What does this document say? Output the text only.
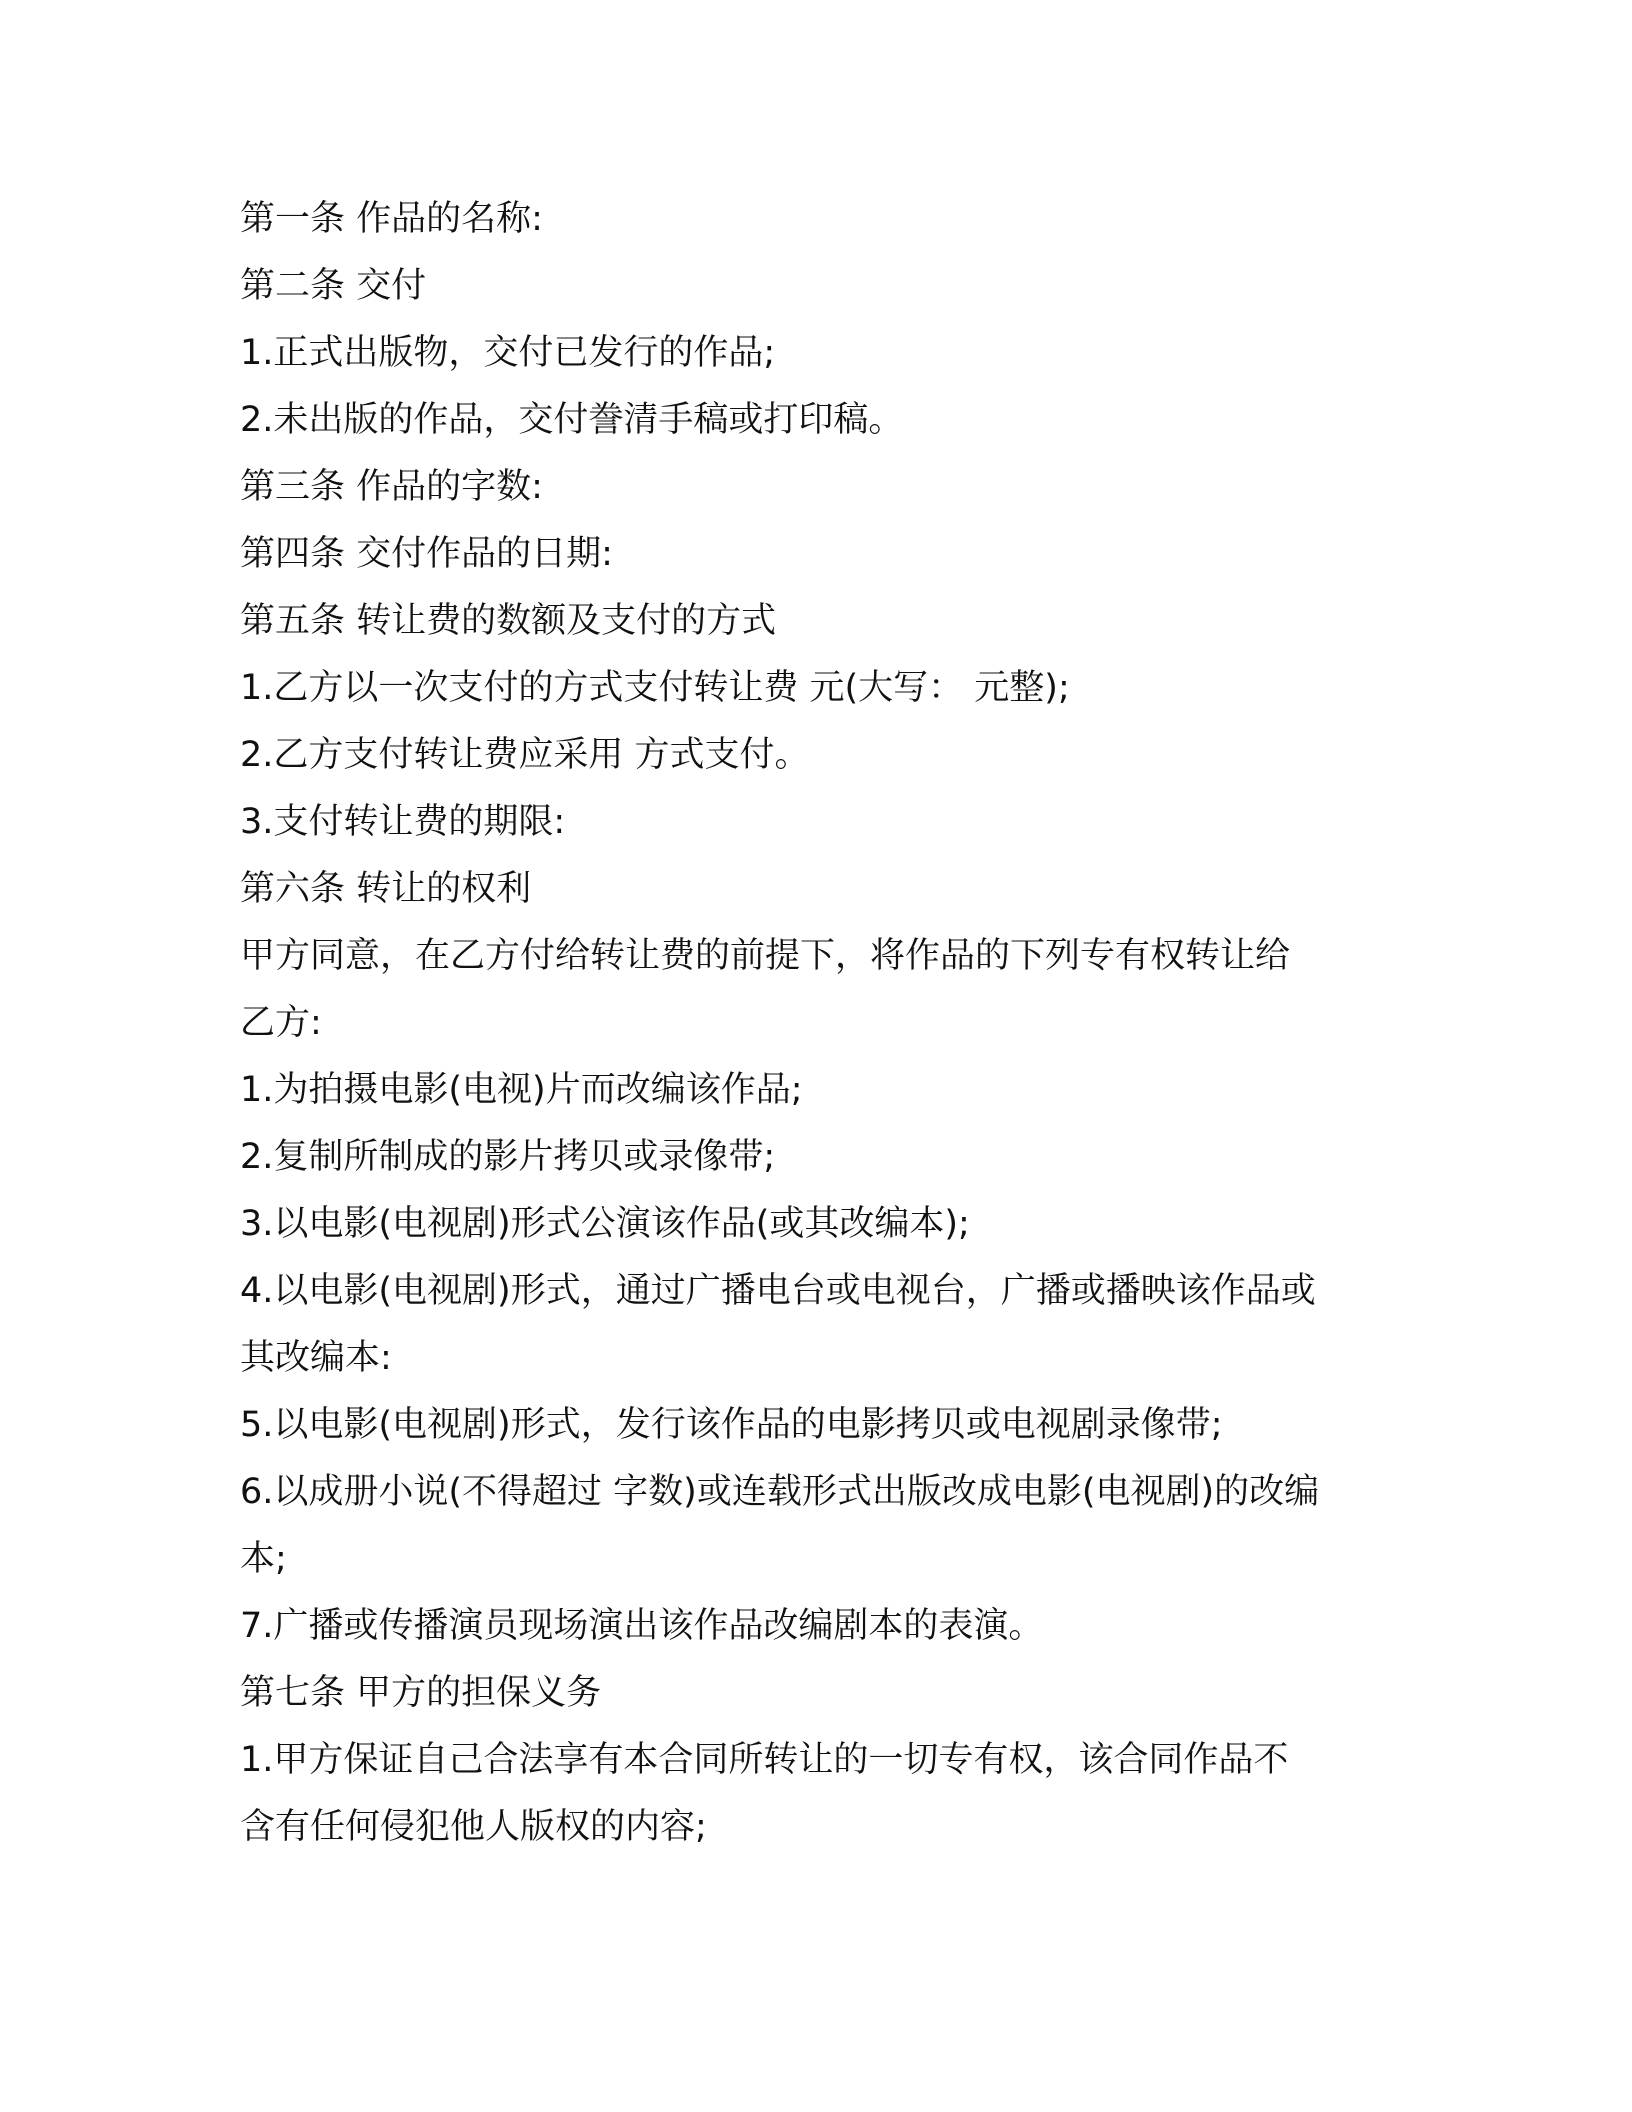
第一条 作品的名称:

第二条 交付

1.正式出版物，交付已发行的作品;

2.未出版的作品，交付誊清手稿或打印稿。

第三条 作品的字数:

第四条 交付作品的日期:

第五条 转让费的数额及支付的方式

1.乙方以一次支付的方式支付转让费 元(大写： 元整);

2.乙方支付转让费应采用 方式支付。

3.支付转让费的期限:

第六条 转让的权利

甲方同意，在乙方付给转让费的前提下，将作品的下列专有权转让给

乙方:

1.为拍摄电影(电视)片而改编该作品;

2.复制所制成的影片拷贝或录像带;

3.以电影(电视剧)形式公演该作品(或其改编本);

4.以电影(电视剧)形式，通过广播电台或电视台，广播或播映该作品或

其改编本:

5.以电影(电视剧)形式，发行该作品的电影拷贝或电视剧录像带;

6.以成册小说(不得超过 字数)或连载形式出版改成电影(电视剧)的改编

本;

7.广播或传播演员现场演出该作品改编剧本的表演。

第七条 甲方的担保义务

1.甲方保证自己合法享有本合同所转让的一切专有权，该合同作品不

含有任何侵犯他人版权的内容;
